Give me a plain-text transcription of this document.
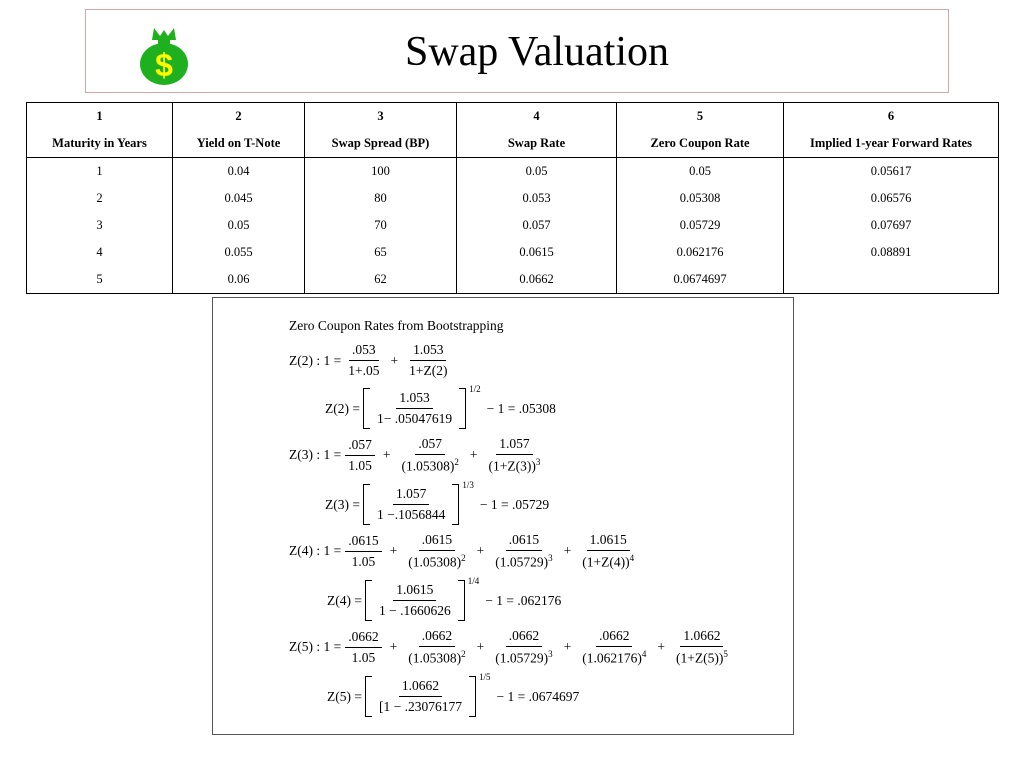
$	Swap Valuation
1	2	3	4	5	6
Maturity in Years	Yield on T-Note	Swap Spread (BP)	Swap Rate	Zero Coupon Rate	Implied 1-year Forward Rates
1	0.04	100	0.05	0.05	0.05617
2	0.045	80	0.053	0.05308	0.06576
3	0.05	70	0.057	0.05729	0.07697
4	0.055	65	0.0615	0.062176	0.08891
5	0.06	62	0.0662	0.0674697	
Zero Coupon Rates from Bootstrapping
Z(2) : $1 = \frac{.053}{1+.05} + \frac{1.053}{1+Z(2)}$
$Z(2) = \frac{1.053}{1- .05047619}$
1/2
− 1 = .05308
Z(3) : $1 = \frac{.057}{1.05} + \frac{.057}{(1.05308)^2} + \frac{1.057}{(1+Z(3))^3}$
$Z(3) = \frac{1.057}{1 -.1056844}$
1/3
− 1 = .05729
Z(4) : $1 = \frac{.0615}{1.05} + \frac{.0615}{(1.05308)^2} + \frac{.0615}{(1.05729)^3} + \frac{1.0615}{(1+Z(4))^4}$
$Z(4) = \frac{1.0615}{1 - .1660626}$
1/4
− 1 = .062176
Z(5) : $1 = \frac{.0662}{1.05} + \frac{.0662}{(1.05308)^2} + \frac{.0662}{(1.05729)^3} + \frac{.0662}{(1.062176)^4} + \frac{1.0662}{(1+Z(5))^5}$
$Z(5) = \frac{1.0662}{[1 - .23076177}$
1/5
− 1 = .0674697
